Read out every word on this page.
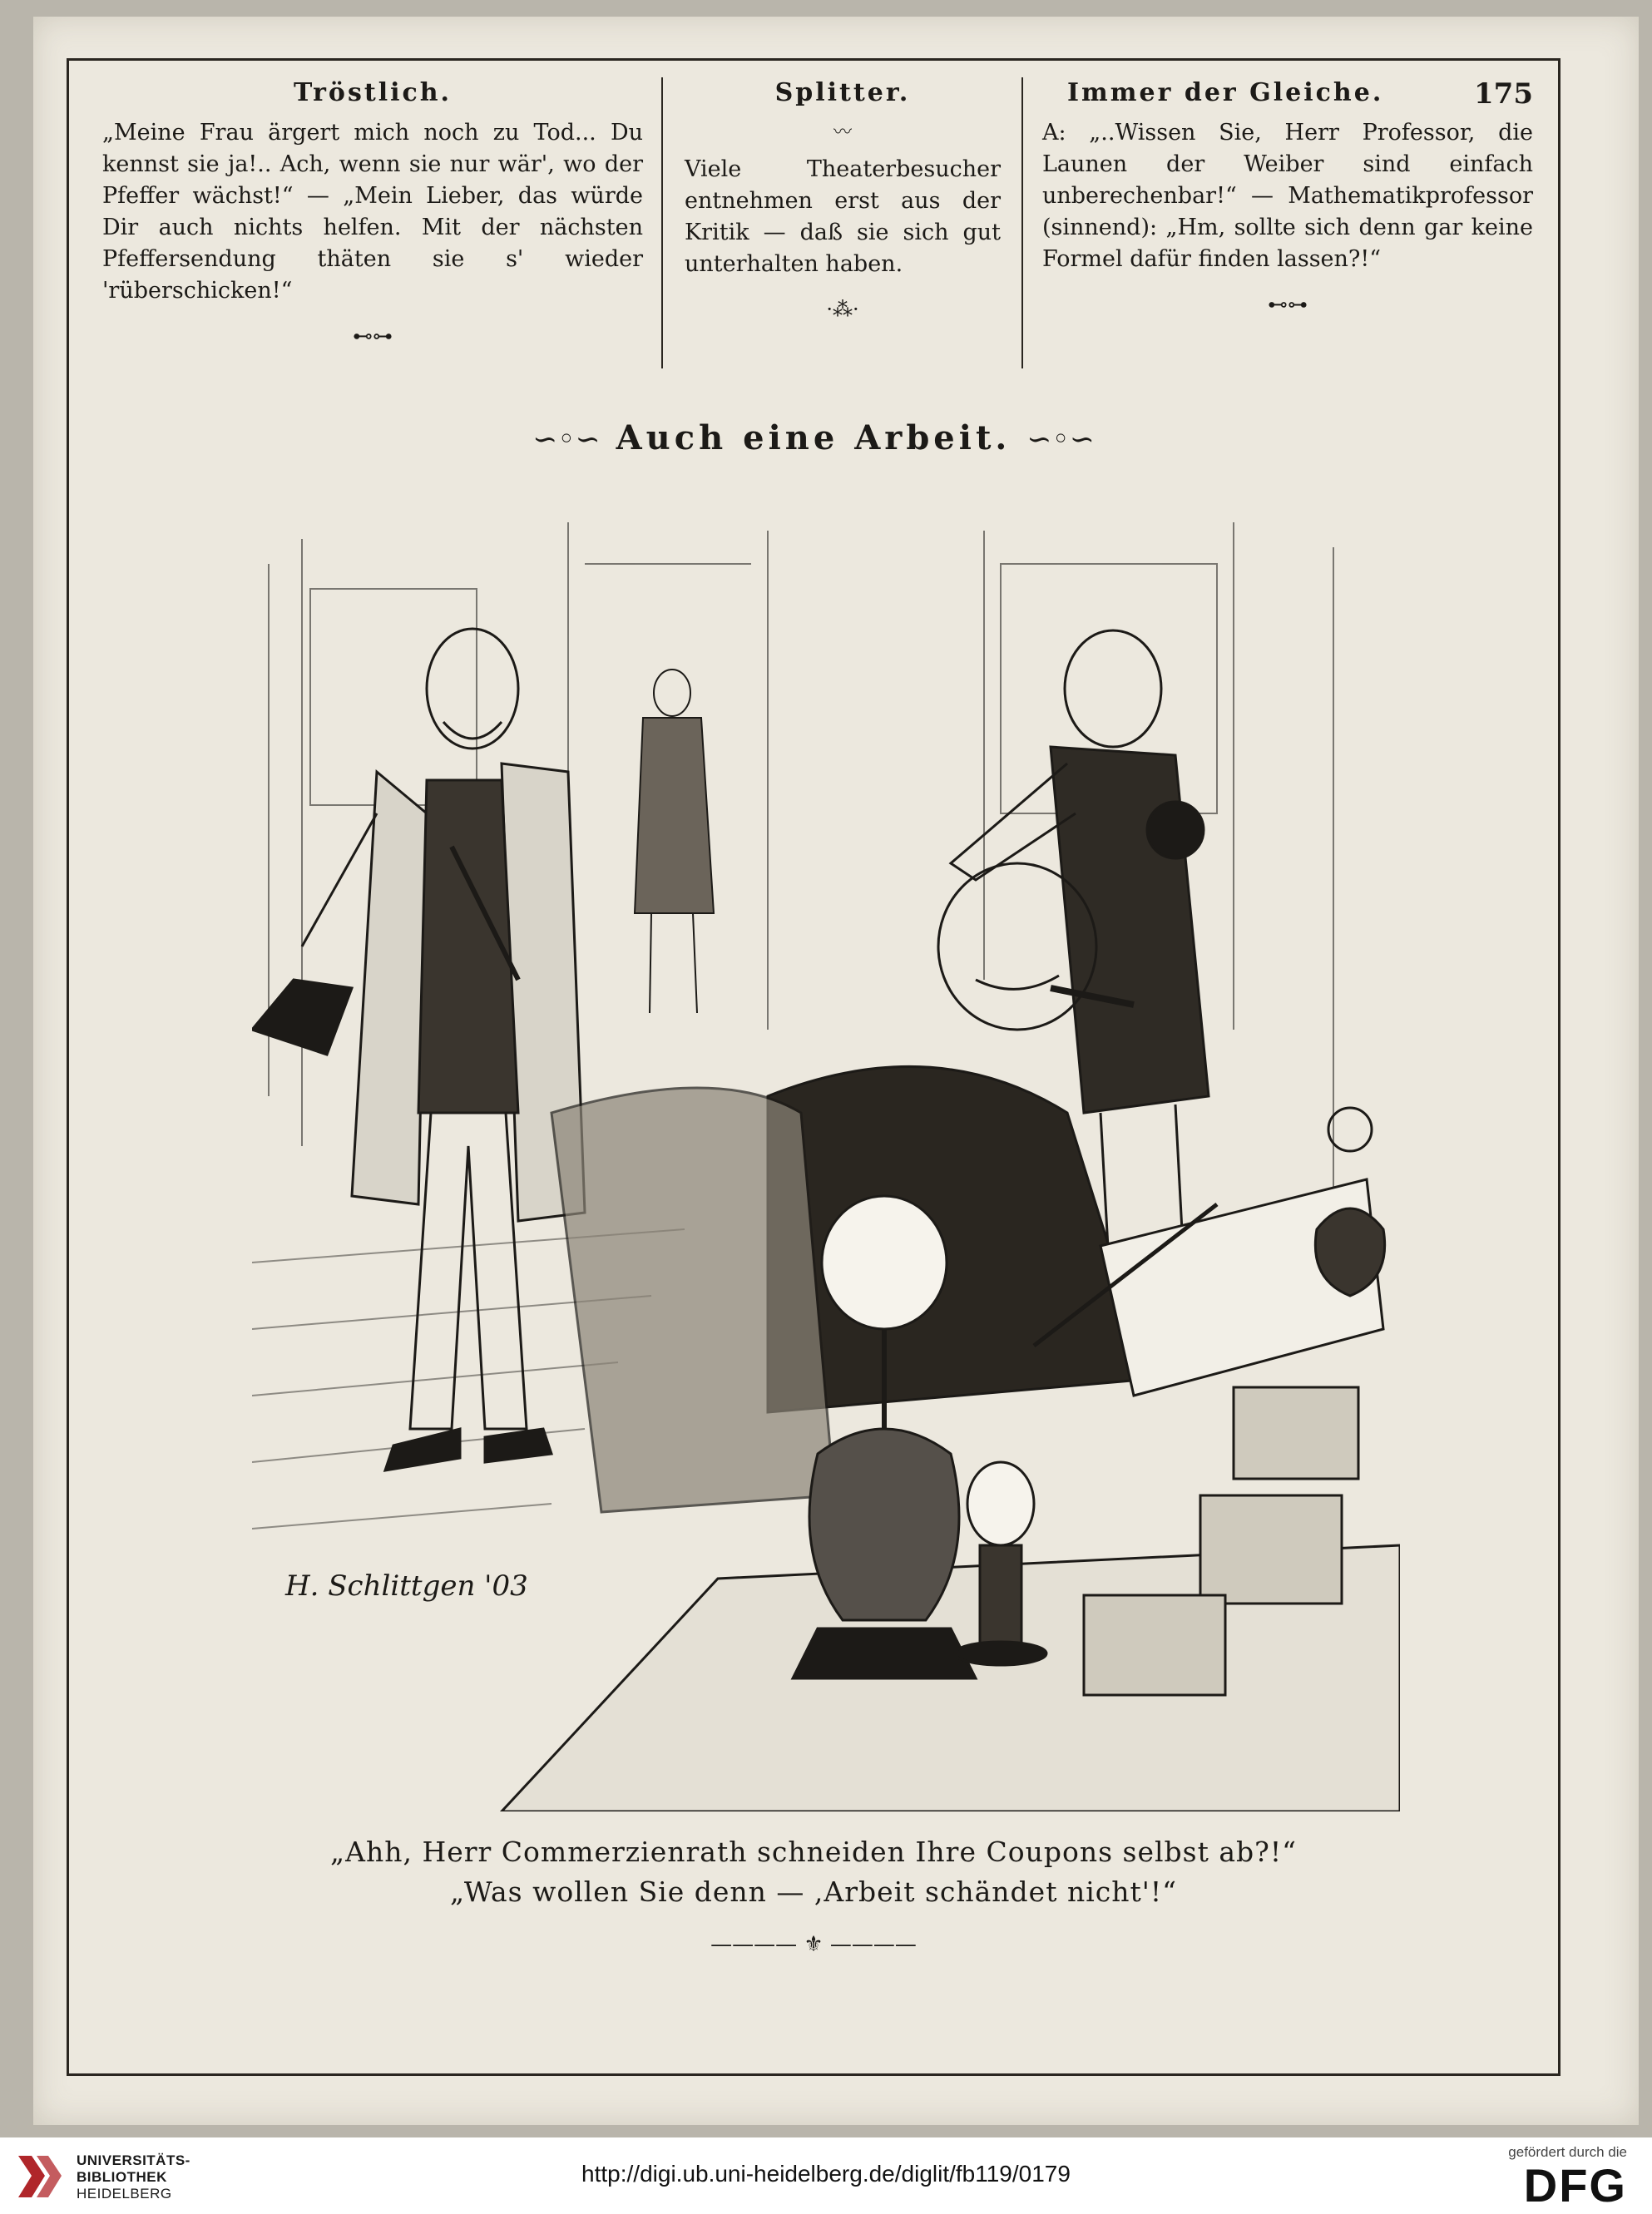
175
Tröstlich.
„Meine Frau ärgert mich noch zu Tod... Du kennst sie ja!.. Ach, wenn sie nur wär', wo der Pfeffer wächst!“ — „Mein Lieber, das würde Dir auch nichts helfen. Mit der nächsten Pfeffersendung thäten sie s' wieder 'rüberschicken!“
⊷⊶
Splitter.
〰
Viele Theaterbesucher entnehmen erst aus der Kritik — daß sie sich gut unterhalten haben.
·⁂·
Immer der Gleiche.
A: „..Wissen Sie, Herr Professor, die Launen der Weiber sind einfach unberechenbar!“ — Mathematikprofessor (sinnend): „Hm, sollte sich denn gar keine Formel dafür finden lassen?!“
⊷⊶
∽◦∽ Auch eine Arbeit. ∽◦∽
H. Schlittgen '03
„Ahh, Herr Commerzienrath schneiden Ihre Coupons selbst ab?!“
„Was wollen Sie denn — ,Arbeit schändet nicht'!“
———— ⚜ ————
UNIVERSITÄTS-
BIBLIOTHEK
HEIDELBERG
http://digi.ub.uni-heidelberg.de/diglit/fb119/0179
gefördert durch die
DFG
